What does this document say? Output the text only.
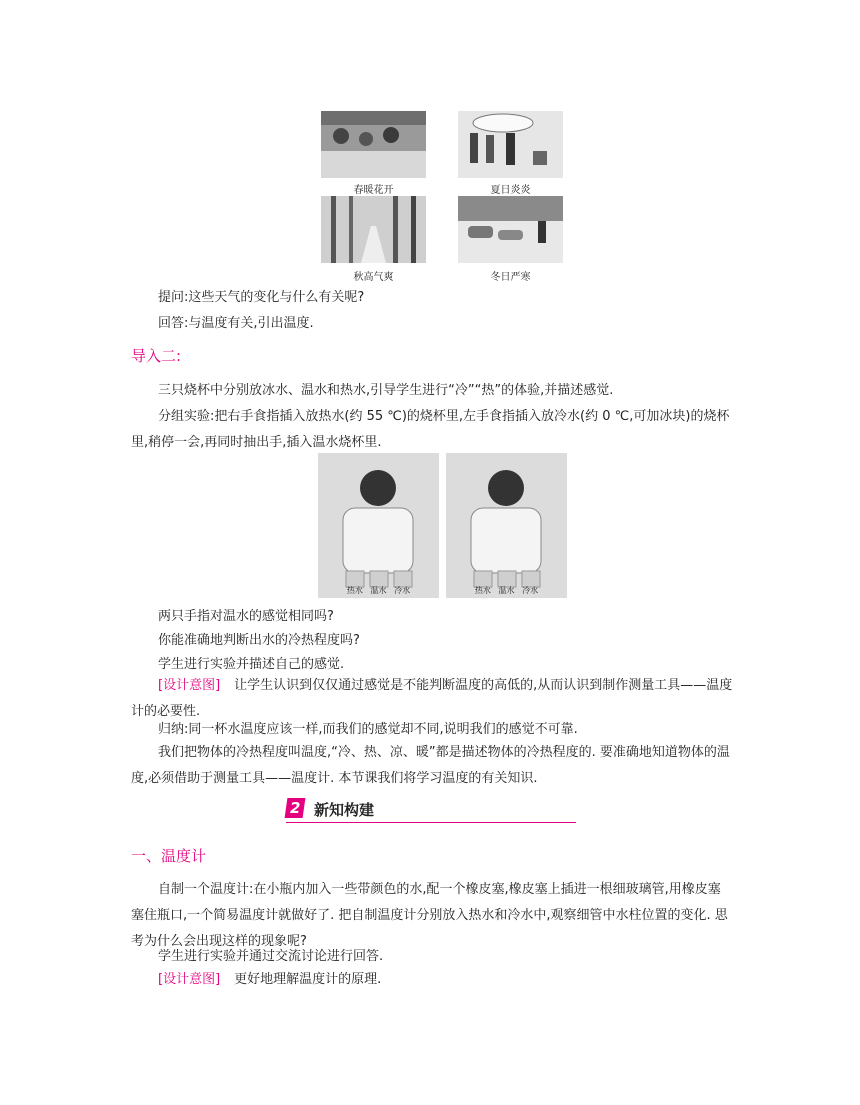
春暖花开	夏日炎炎
秋高气爽	冬日严寒
提问:这些天气的变化与什么有关呢?
回答:与温度有关,引出温度.
导入二:
三只烧杯中分别放冰水、温水和热水,引导学生进行“冷”“热”的体验,并描述感觉.
分组实验:把右手食指插入放热水(约 55 ℃)的烧杯里,左手食指插入放冷水(约 0 ℃,可加冰块)的烧杯里,稍停一会,再同时抽出手,插入温水烧杯里.
热水 温水 冷水	热水 温水 冷水
两只手指对温水的感觉相同吗?
你能准确地判断出水的冷热程度吗?
学生进行实验并描述自己的感觉.
[设计意图] 让学生认识到仅仅通过感觉是不能判断温度的高低的,从而认识到制作测量工具——温度计的必要性.
归纳:同一杯水温度应该一样,而我们的感觉却不同,说明我们的感觉不可靠.
我们把物体的冷热程度叫温度,“冷、热、凉、暖”都是描述物体的冷热程度的. 要准确地知道物体的温度,必须借助于测量工具——温度计. 本节课我们将学习温度的有关知识.
2 新知构建
一、温度计
自制一个温度计:在小瓶内加入一些带颜色的水,配一个橡皮塞,橡皮塞上插进一根细玻璃管,用橡皮塞塞住瓶口,一个简易温度计就做好了. 把自制温度计分别放入热水和冷水中,观察细管中水柱位置的变化. 思考为什么会出现这样的现象呢?
学生进行实验并通过交流讨论进行回答.
[设计意图] 更好地理解温度计的原理.
